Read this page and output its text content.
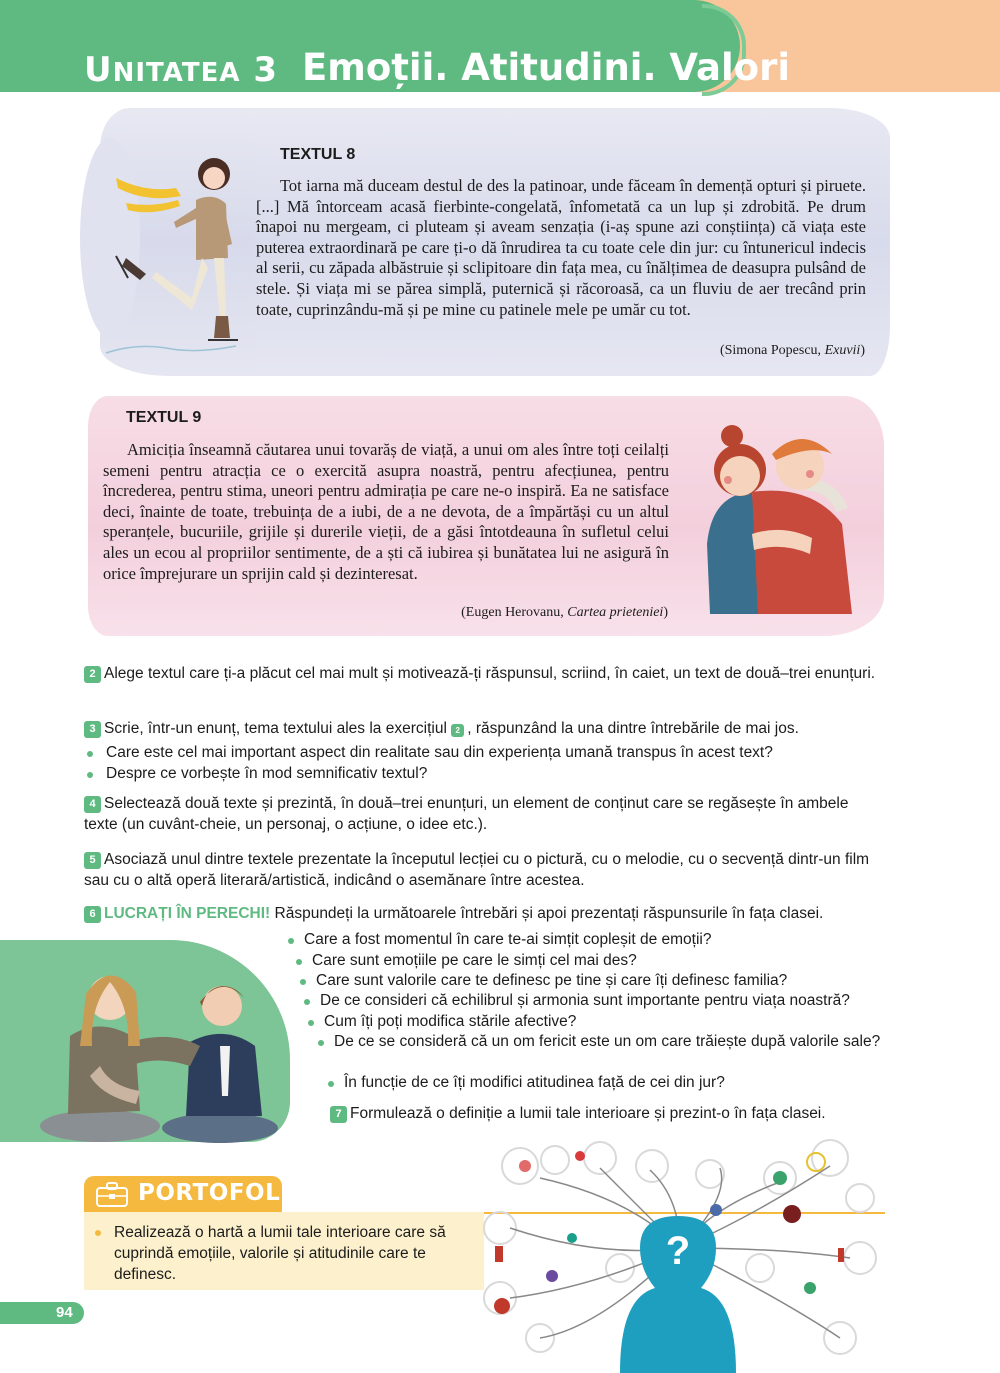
UNITATEA 3 Emoții. Atitudini. Valori
TEXTUL 8

Tot iarna mă duceam destul de des la patinoar, unde făceam în demență opturi și piruete. [...] Mă întorceam acasă fierbinte-congelată, înfometată ca un lup și zdrobită. Pe drum înapoi nu mergeam, ci pluteam și aveam senzația (i-aș spune azi conștiința) că viața este puterea extraordinară pe care ți-o dă înrudirea ta cu toate cele din jur: cu întunericul indecis al serii, cu zăpada albăstruie și sclipitoare din fața mea, cu înălțimea de deasupra pulsând de stele. Și viața mi se părea simplă, puternică și răcoroasă, ca un fluviu de aer trecând prin toate, cuprinzându-mă și pe mine cu patinele mele pe umăr cu tot.

(Simona Popescu, Exuvii)
TEXTUL 9

Amiciția înseamnă căutarea unui tovarăș de viață, a unui om ales între toți ceilalți semeni pentru atracția ce o exercită asupra noastră, pentru afecțiunea, pentru încrederea, pentru stima, uneori pentru admirația pe care ne-o inspiră. Ea ne satisface deci, înainte de toate, trebuința de a iubi, de a ne devota, de a împărtăși cu un altul speranțele, bucuriile, grijile și durerile vieții, de a găsi întotdeauna în sufletul celui ales un ecou al propriilor sentimente, de a ști că iubirea și bunătatea lui ne asigură în orice împrejurare un sprijin cald și dezinteresat.

(Eugen Herovanu, Cartea prieteniei)
2 Alege textul care ți-a plăcut cel mai mult și motivează-ți răspunsul, scriind, în caiet, un text de două–trei enunțuri.
3 Scrie, într-un enunț, tema textului ales la exercițiul 2 , răspunzând la una dintre întrebările de mai jos.
Care este cel mai important aspect din realitate sau din experiența umană transpus în acest text?
Despre ce vorbește în mod semnificativ textul?
4 Selectează două texte și prezintă, în două–trei enunțuri, un element de conținut care se regăsește în ambele texte (un cuvânt-cheie, un personaj, o acțiune, o idee etc.).
5 Asociază unul dintre textele prezentate la începutul lecției cu o pictură, cu o melodie, cu o secvență dintr-un film sau cu o altă operă literară/artistică, indicând o asemănare între acestea.
6 LUCRAȚI ÎN PERECHI! Răspundeți la următoarele întrebări și apoi prezentați răspunsurile în fața clasei.
Care a fost momentul în care te-ai simțit copleșit de emoții?
Care sunt emoțiile pe care le simți cel mai des?
Care sunt valorile care te definesc pe tine și care îți definesc familia?
De ce consideri că echilibrul și armonia sunt importante pentru viața noastră?
Cum îți poți modifica stările afective?
De ce se consideră că un om fericit este un om care trăiește după valorile sale?
În funcție de ce îți modifici atitudinea față de cei din jur?
7 Formulează o definiție a lumii tale interioare și prezint-o în fața clasei.
PORTOFOLIU
Realizează o hartă a lumii tale interioare care să cuprindă emoțiile, valorile și atitudinile care te definesc.
?
94
